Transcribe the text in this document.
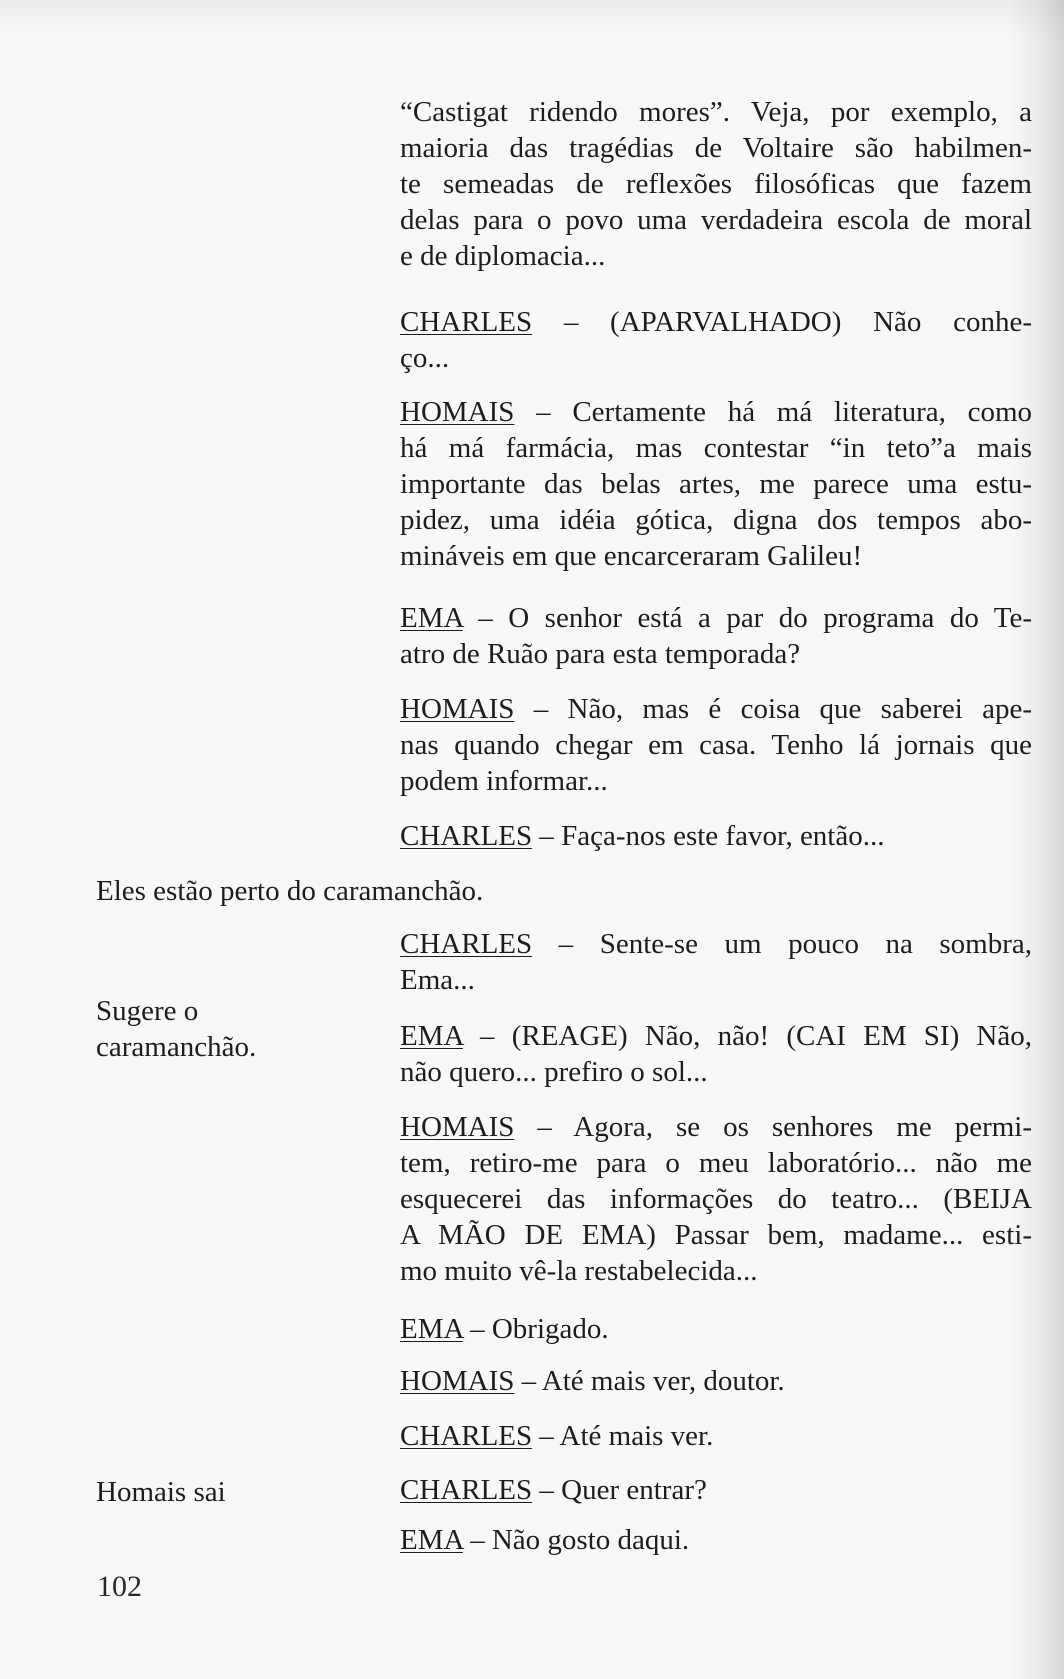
“Castigat ridendo mores”. Veja, por exemplo, a
maioria das tragédias de Voltaire são habilmen-
te semeadas de reflexões filosóficas que fazem
delas para o povo uma verdadeira escola de moral
e de diplomacia...
CHARLES – (APARVALHADO) Não conhe-
ço...
HOMAIS – Certamente há má literatura, como
há má farmácia, mas contestar “in teto”a mais
importante das belas artes, me parece uma estu-
pidez, uma idéia gótica, digna dos tempos abo-
mináveis em que encarceraram Galileu!
EMA – O senhor está a par do programa do Te-
atro de Ruão para esta temporada?
HOMAIS – Não, mas é coisa que saberei ape-
nas quando chegar em casa. Tenho lá jornais que
podem informar...
CHARLES – Faça-nos este favor, então...
Eles estão perto do caramanchão.
CHARLES – Sente-se um pouco na sombra,
Ema...
Sugere o
caramanchão.	EMA – (REAGE) Não, não! (CAI EM SI) Não,
não quero... prefiro o sol...
HOMAIS – Agora, se os senhores me permi-
tem, retiro-me para o meu laboratório... não me
esquecerei das informações do teatro... (BEIJA
A MÃO DE EMA) Passar bem, madame... esti-
mo muito vê-la restabelecida...
EMA – Obrigado.
HOMAIS – Até mais ver, doutor.
CHARLES – Até mais ver.
Homais sai	CHARLES – Quer entrar?
EMA – Não gosto daqui.
102
